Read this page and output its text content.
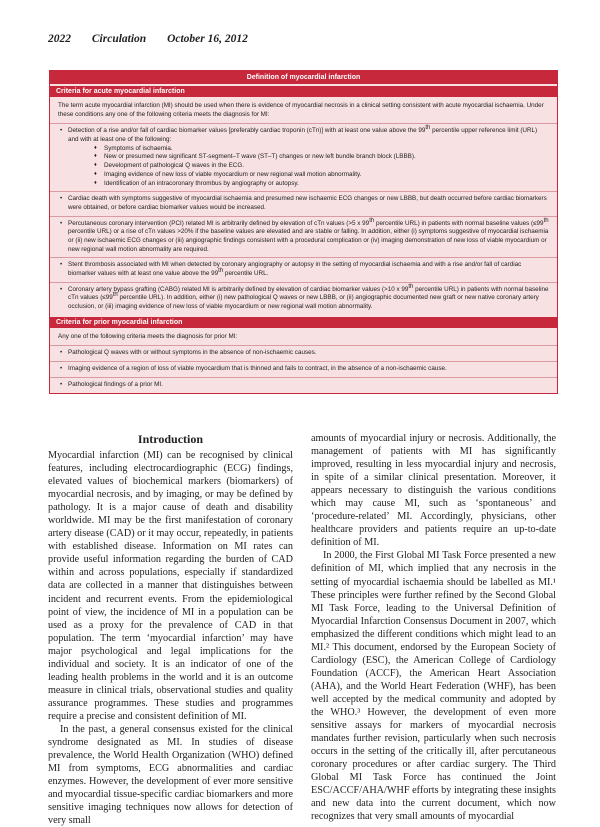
2022 Circulation October 16, 2012
Definition of myocardial infarction
Criteria for acute myocardial infarction
The term acute myocardial infarction (MI) should be used when there is evidence of myocardial necrosis in a clinical setting consistent with acute myocardial ischaemia. Under these conditions any one of the following criteria meets the diagnosis for MI:
• Detection of a rise and/or fall of cardiac biomarker values [preferably cardiac troponin (cTn)] with at least one value above the 99th percentile upper reference limit (URL) and with at least one of the following:
♦ Symptoms of ischaemia.
♦ New or presumed new significant ST-segment–T wave (ST–T) changes or new left bundle branch block (LBBB).
♦ Development of pathological Q waves in the ECG.
♦ Imaging evidence of new loss of viable myocardium or new regional wall motion abnormality.
♦ Identification of an intracoronary thrombus by angiography or autopsy.
• Cardiac death with symptoms suggestive of myocardial ischaemia and presumed new ischaemic ECG changes or new LBBB, but death occurred before cardiac biomarkers were obtained, or before cardiac biomarker values would be increased.
• Percutaneous coronary intervention (PCI) related MI is arbitrarily defined by elevation of cTn values (>5 x 99th percentile URL) in patients with normal baseline values (≤99th percentile URL) or a rise of cTn values >20% if the baseline values are elevated and are stable or falling. In addition, either (i) symptoms suggestive of myocardial ischaemia or (ii) new ischaemic ECG changes or (iii) angiographic findings consistent with a procedural complication or (iv) imaging demonstration of new loss of viable myocardium or new regional wall motion abnormality are required.
• Stent thrombosis associated with MI when detected by coronary angiography or autopsy in the setting of myocardial ischaemia and with a rise and/or fall of cardiac biomarker values with at least one value above the 99th percentile URL.
• Coronary artery bypass grafting (CABG) related MI is arbitrarily defined by elevation of cardiac biomarker values (>10 x 99th percentile URL) in patients with normal baseline cTn values (≤99th percentile URL). In addition, either (i) new pathological Q waves or new LBBB, or (ii) angiographic documented new graft or new native coronary artery occlusion, or (iii) imaging evidence of new loss of viable myocardium or new regional wall motion abnormality.
Criteria for prior myocardial infarction
Any one of the following criteria meets the diagnosis for prior MI:
• Pathological Q waves with or without symptoms in the absence of non-ischaemic causes.
• Imaging evidence of a region of loss of viable myocardium that is thinned and fails to contract, in the absence of a non-ischaemic cause.
• Pathological findings of a prior MI.
Introduction

Myocardial infarction (MI) can be recognised by clinical features, including electrocardiographic (ECG) findings, elevated values of biochemical markers (biomarkers) of myocardial necrosis, and by imaging, or may be defined by pathology. It is a major cause of death and disability worldwide. MI may be the first manifestation of coronary artery disease (CAD) or it may occur, repeatedly, in patients with established disease. Information on MI rates can provide useful information regarding the burden of CAD within and across populations, especially if standardized data are collected in a manner that distinguishes between incident and recurrent events. From the epidemiological point of view, the incidence of MI in a population can be used as a proxy for the prevalence of CAD in that population. The term ‘myocardial infarction’ may have major psychological and legal implications for the individual and society. It is an indicator of one of the leading health problems in the world and it is an outcome measure in clinical trials, observational studies and quality assurance programmes. These studies and programmes require a precise and consistent definition of MI.

In the past, a general consensus existed for the clinical syndrome designated as MI. In studies of disease prevalence, the World Health Organization (WHO) defined MI from symptoms, ECG abnormalities and cardiac enzymes. However, the development of ever more sensitive and myocardial tissue-specific cardiac biomarkers and more sensitive imaging techniques now allows for detection of very small

amounts of myocardial injury or necrosis. Additionally, the management of patients with MI has significantly improved, resulting in less myocardial injury and necrosis, in spite of a similar clinical presentation. Moreover, it appears necessary to distinguish the various conditions which may cause MI, such as ‘spontaneous’ and ‘procedure-related’ MI. Accordingly, physicians, other healthcare providers and patients require an up-to-date definition of MI.

In 2000, the First Global MI Task Force presented a new definition of MI, which implied that any necrosis in the setting of myocardial ischaemia should be labelled as MI.¹ These principles were further refined by the Second Global MI Task Force, leading to the Universal Definition of Myocardial Infarction Consensus Document in 2007, which emphasized the different conditions which might lead to an MI.² This document, endorsed by the European Society of Cardiology (ESC), the American College of Cardiology Foundation (ACCF), the American Heart Association (AHA), and the World Heart Federation (WHF), has been well accepted by the medical community and adopted by the WHO.³ However, the development of even more sensitive assays for markers of myocardial necrosis mandates further revision, particularly when such necrosis occurs in the setting of the critically ill, after percutaneous coronary procedures or after cardiac surgery. The Third Global MI Task Force has continued the Joint ESC/ACCF/AHA/WHF efforts by integrating these insights and new data into the current document, which now recognizes that very small amounts of myocardial
